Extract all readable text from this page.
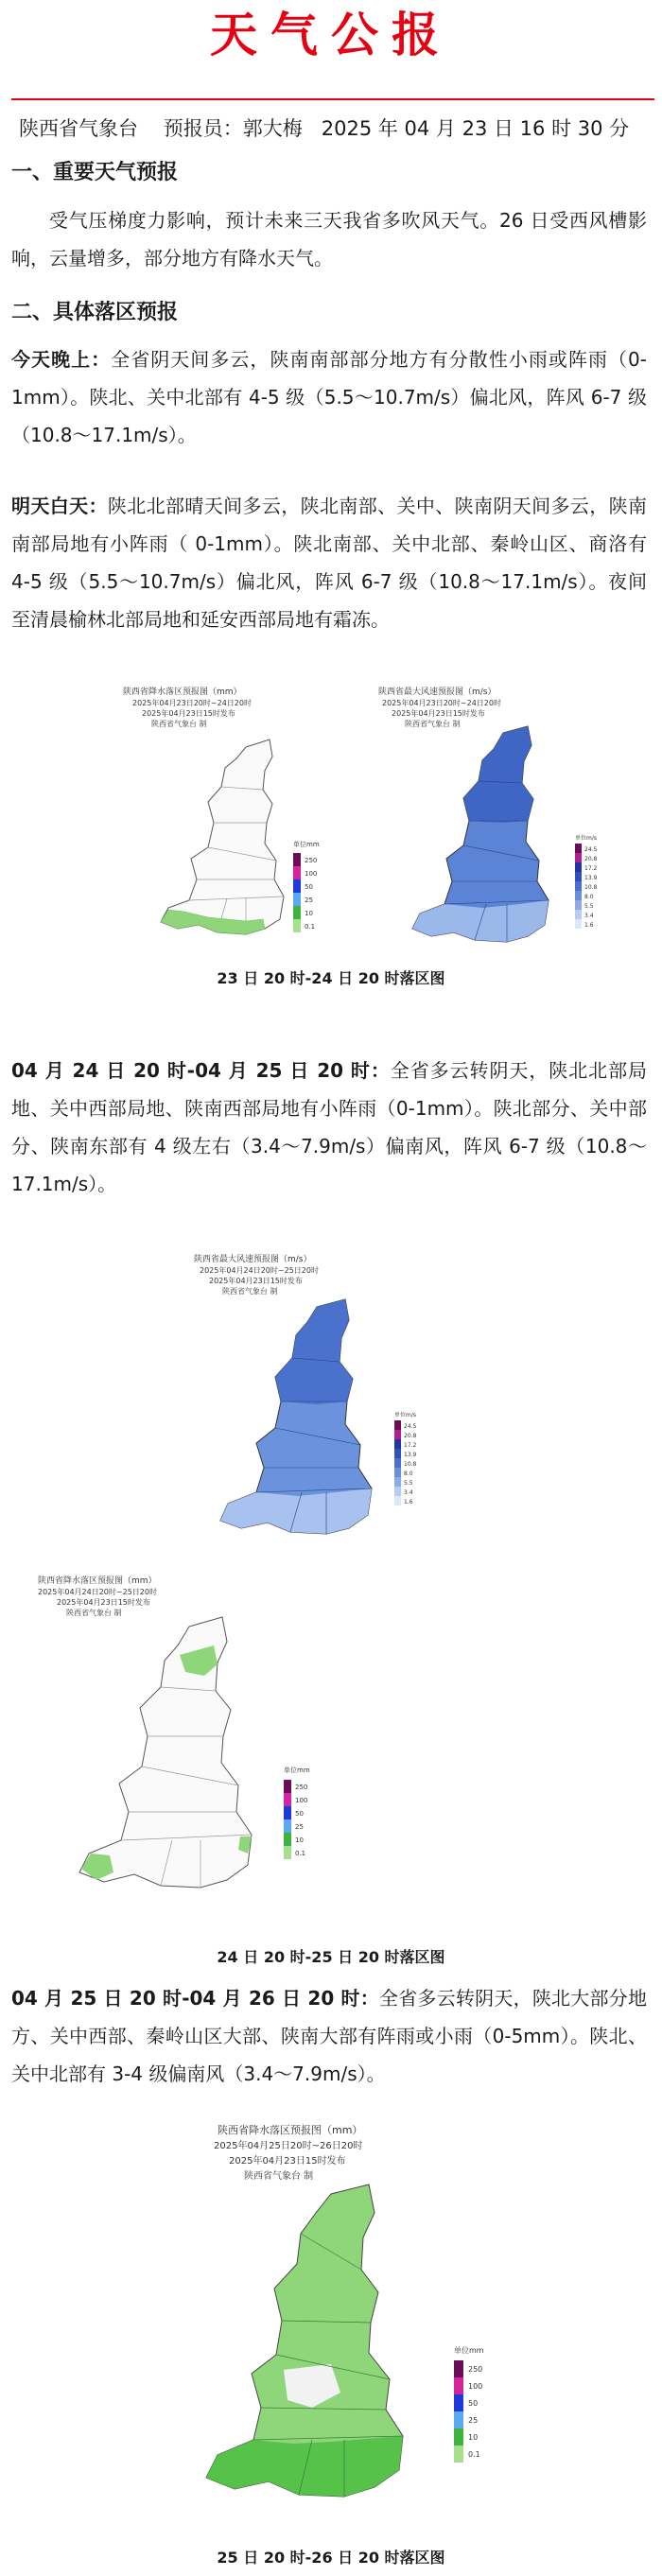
天气公报
陕西省气象台 预报员：郭大梅 2025 年 04 月 23 日 16 时 30 分
一、重要天气预报

受气压梯度力影响，预计未来三天我省多吹风天气。26 日受西风槽影响，云量增多，部分地方有降水天气。

二、具体落区预报

今天晚上：全省阴天间多云，陕南南部部分地方有分散性小雨或阵雨（0-1mm）。陕北、关中北部有 4-5 级（5.5～10.7m/s）偏北风，阵风 6-7 级（10.8～17.1m/s）。

明天白天：陕北北部晴天间多云，陕北南部、关中、陕南阴天间多云，陕南南部局地有小阵雨（ 0-1mm）。陕北南部、关中北部、秦岭山区、商洛有 4-5 级（5.5～10.7m/s）偏北风，阵风 6-7 级（10.8～17.1m/s）。夜间至清晨榆林北部局地和延安西部局地有霜冻。

陕西省降水落区预报图（mm）
2025年04月23日20时~24日20时
2025年04月23日15时发布
陕西省气象台 制
单位mm
250
100
50
25
10
0.1
陕西省最大风速预报图（m/s）
2025年04月23日20时~24日20时
2025年04月23日15时发布
陕西省气象台 制
单位m/s
24.5
20.8
17.2
13.9
10.8
8.0
5.5
3.4
1.6
23 日 20 时-24 日 20 时落区图

04 月 24 日 20 时-04 月 25 日 20 时：全省多云转阴天，陕北北部局地、关中西部局地、陕南西部局地有小阵雨（0-1mm）。陕北部分、关中部分、陕南东部有 4 级左右（3.4～7.9m/s）偏南风，阵风 6-7 级（10.8～17.1m/s）。

陕西省最大风速预报图（m/s）
2025年04月24日20时~25日20时
2025年04月23日15时发布
陕西省气象台 制
单位m/s
24.5
20.8
17.2
13.9
10.8
8.0
5.5
3.4
1.6
陕西省降水落区预报图（mm）
2025年04月24日20时~25日20时
2025年04月23日15时发布
陕西省气象台 制
单位mm
250
100
50
25
10
0.1
24 日 20 时-25 日 20 时落区图

04 月 25 日 20 时-04 月 26 日 20 时：全省多云转阴天，陕北大部分地方、关中西部、秦岭山区大部、陕南大部有阵雨或小雨（0-5mm）。陕北、关中北部有 3-4 级偏南风（3.4～7.9m/s）。

陕西省降水落区预报图（mm）
2025年04月25日20时~26日20时
2025年04月23日15时发布
陕西省气象台 制
单位mm
250
100
50
25
10
0.1
25 日 20 时-26 日 20 时落区图
